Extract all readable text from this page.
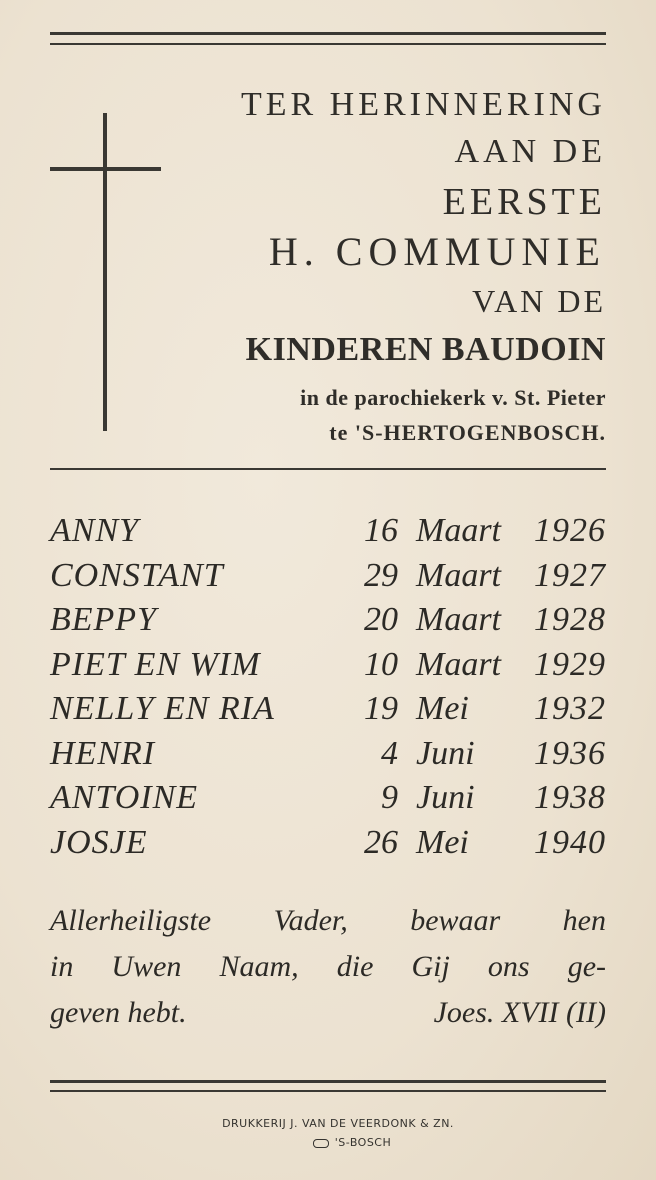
TER HERINNERING
AAN DE
EERSTE
H. COMMUNIE
VAN DE
KINDEREN BAUDOIN
in de parochiekerk v. St. Pieter
te 'S-HERTOGENBOSCH.
ANNY	16 Maart 1926
CONSTANT	29 Maart 1927
BEPPY	20 Maart 1928
PIET EN WIM	10 Maart 1929
NELLY EN RIA	19 Mei 1932
HENRI	4 Juni 1936
ANTOINE	9 Juni 1938
JOSJE	26 Mei 1940
Allerheiligste Vader, bewaar hen
in Uwen Naam, die Gij ons ge-
geven hebt.	Joes. XVII (II)
DRUKKERIJ J. VAN DE VEERDONK & ZN.
'S-BOSCH
